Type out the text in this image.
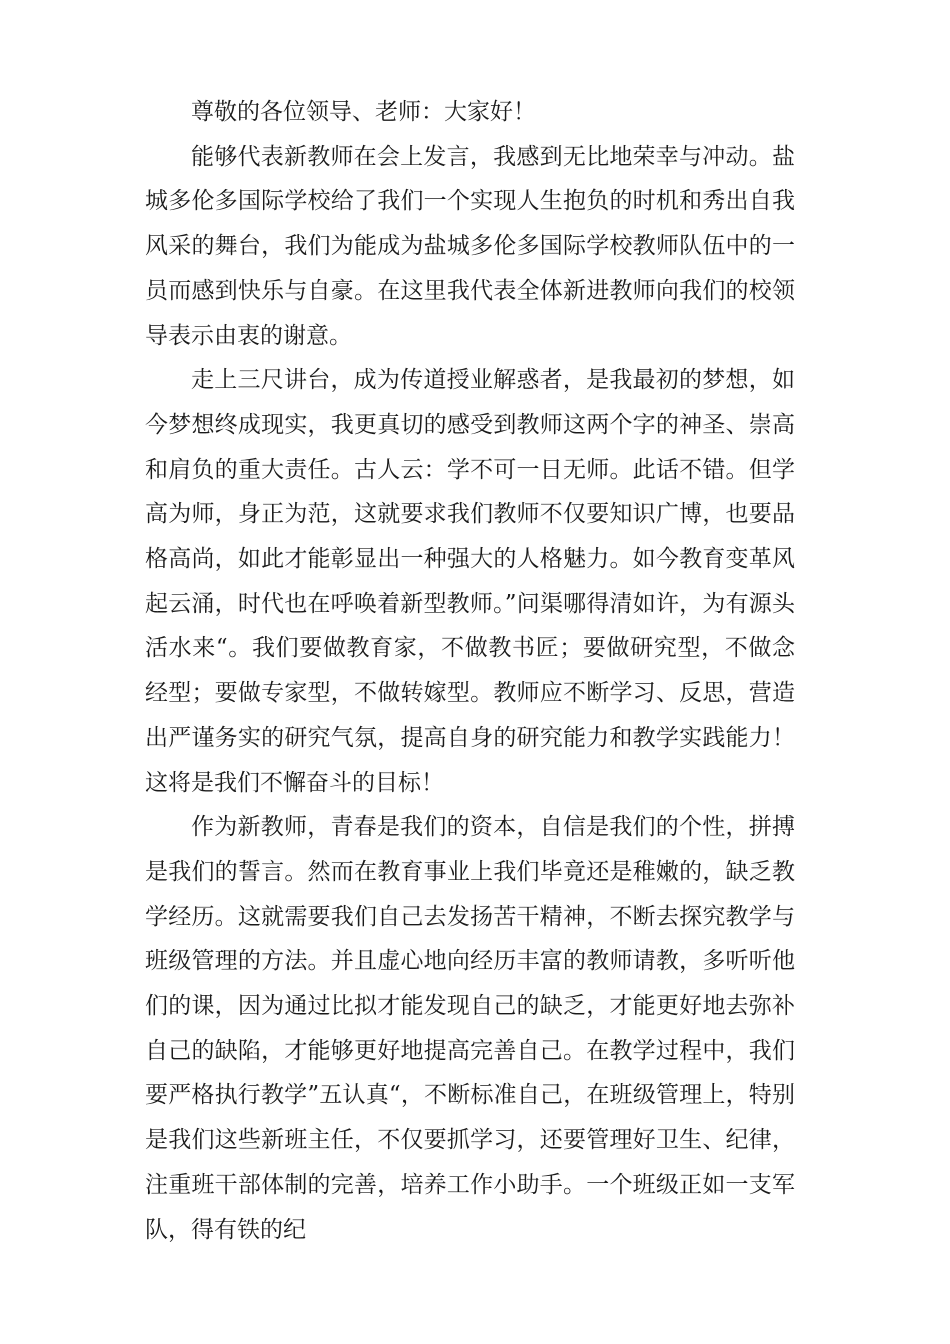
尊敬的各位领导、老师：大家好！

能够代表新教师在会上发言，我感到无比地荣幸与冲动。盐城多伦多国际学校给了我们一个实现人生抱负的时机和秀出自我风采的舞台，我们为能成为盐城多伦多国际学校教师队伍中的一员而感到快乐与自豪。在这里我代表全体新进教师向我们的校领导表示由衷的谢意。

走上三尺讲台，成为传道授业解惑者，是我最初的梦想，如今梦想终成现实，我更真切的感受到教师这两个字的神圣、崇高和肩负的重大责任。古人云：学不可一日无师。此话不错。但学高为师，身正为范，这就要求我们教师不仅要知识广博，也要品格高尚，如此才能彰显出一种强大的人格魅力。如今教育变革风起云涌，时代也在呼唤着新型教师。”问渠哪得清如许，为有源头活水来“。我们要做教育家，不做教书匠；要做研究型，不做念经型；要做专家型，不做转嫁型。教师应不断学习、反思，营造出严谨务实的研究气氛，提高自身的研究能力和教学实践能力！这将是我们不懈奋斗的目标！

作为新教师，青春是我们的资本，自信是我们的个性，拼搏是我们的誓言。然而在教育事业上我们毕竟还是稚嫩的，缺乏教学经历。这就需要我们自己去发扬苦干精神，不断去探究教学与班级管理的方法。并且虚心地向经历丰富的教师请教，多听听他们的课，因为通过比拟才能发现自己的缺乏，才能更好地去弥补自己的缺陷，才能够更好地提高完善自己。在教学过程中，我们要严格执行教学”五认真“，不断标准自己，在班级管理上，特别是我们这些新班主任，不仅要抓学习，还要管理好卫生、纪律，注重班干部体制的完善，培养工作小助手。一个班级正如一支军队，得有铁的纪
